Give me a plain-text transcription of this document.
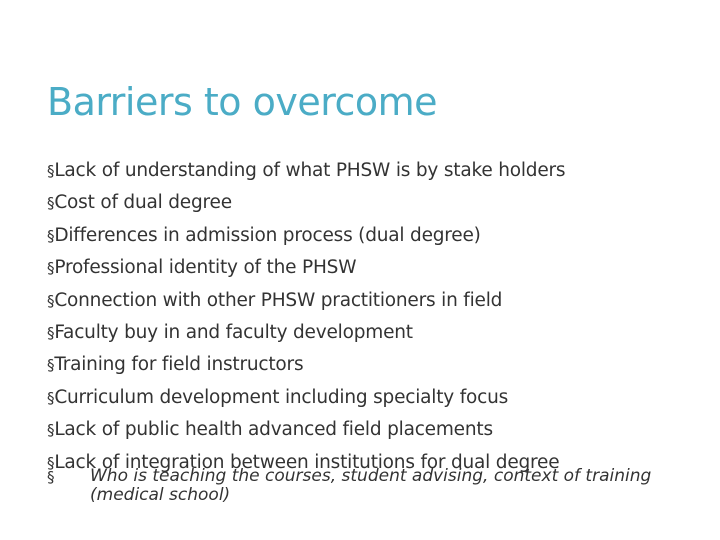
Barriers to overcome
§Lack of understanding of what PHSW is by stake holders
§Cost of dual degree
§Differences in admission process (dual degree)
§Professional identity of the PHSW
§Connection with other PHSW practitioners in field
§Faculty buy in and faculty development
§Training for field instructors
§Curriculum development including specialty focus
§Lack of public health advanced field placements
§Lack of integration between institutions for dual degree
§ Who is teaching the courses, student advising, context of training (medical school)
